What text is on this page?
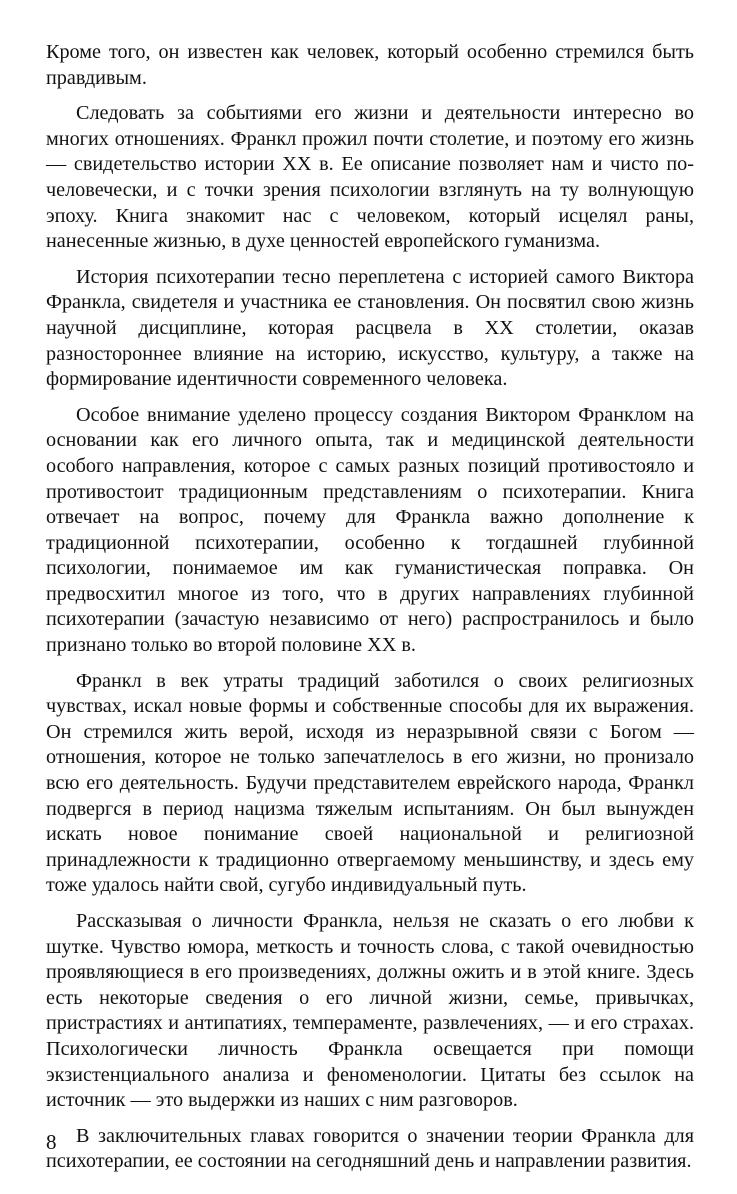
Кроме того, он известен как человек, который особенно стремился быть правдивым.

Следовать за событиями его жизни и деятельности интересно во многих отношениях. Франкл прожил почти столетие, и поэтому его жизнь — свидетельство истории XX в. Ее описание позволяет нам и чисто по-человечески, и с точки зрения психологии взглянуть на ту волнующую эпоху. Книга знакомит нас с человеком, который исцелял раны, нанесенные жизнью, в духе ценностей европейского гуманизма.

История психотерапии тесно переплетена с историей самого Виктора Франкла, свидетеля и участника ее становления. Он посвятил свою жизнь научной дисциплине, которая расцвела в XX столетии, оказав разностороннее влияние на историю, искусство, культуру, а также на формирование идентичности современного человека.

Особое внимание уделено процессу создания Виктором Франклом на основании как его личного опыта, так и медицинской деятельности особого направления, которое с самых разных позиций противостояло и противостоит традиционным представлениям о психотерапии. Книга отвечает на вопрос, почему для Франкла важно дополнение к традиционной психотерапии, особенно к тогдашней глубинной психологии, понимаемое им как гуманистическая поправка. Он предвосхитил многое из того, что в других направлениях глубинной психотерапии (зачастую независимо от него) распространилось и было признано только во второй половине XX в.

Франкл в век утраты традиций заботился о своих религиозных чувствах, искал новые формы и собственные способы для их выражения. Он стремился жить верой, исходя из неразрывной связи с Богом — отношения, которое не только запечатлелось в его жизни, но пронизало всю его деятельность. Будучи представителем еврейского народа, Франкл подвергся в период нацизма тяжелым испытаниям. Он был вынужден искать новое понимание своей национальной и религиозной принадлежности к традиционно отвергаемому меньшинству, и здесь ему тоже удалось найти свой, сугубо индивидуальный путь.

Рассказывая о личности Франкла, нельзя не сказать о его любви к шутке. Чувство юмора, меткость и точность слова, с такой очевидностью проявляющиеся в его произведениях, должны ожить и в этой книге. Здесь есть некоторые сведения о его личной жизни, семье, привычках, пристрастиях и антипатиях, темпераменте, развлечениях, — и его страхах. Психологически личность Франкла освещается при помощи экзистенциального анализа и феноменологии. Цитаты без ссылок на источник — это выдержки из наших с ним разговоров.

В заключительных главах говорится о значении теории Франкла для психотерапии, ее состоянии на сегодняшний день и направлении развития.

8
